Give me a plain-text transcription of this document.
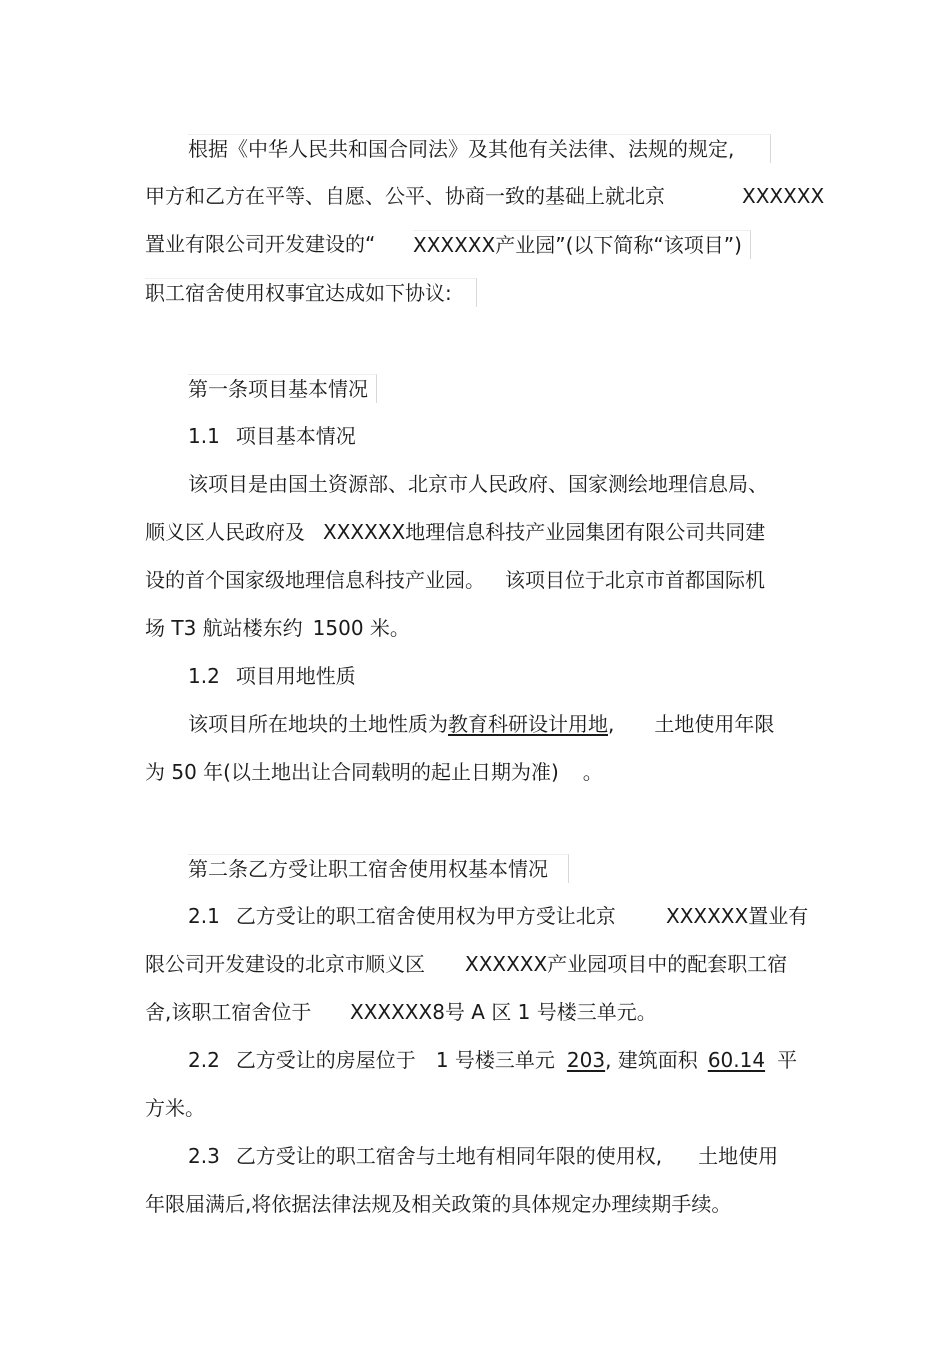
根据《中华人民共和国合同法》及其他有关法律、法规的规定,
甲方和乙方在平等、自愿、公平、协商一致的基础上就北京	XXXXXX
置业有限公司开发建设的“ XXXXXX产业园”(以下简称“该项目”)
职工宿舍使用权事宜达成如下协议:
第一条项目基本情况
1.1 项目基本情况
该项目是由国土资源部、北京市人民政府、国家测绘地理信息局、
顺义区人民政府及 XXXXXX地理信息科技产业园集团有限公司共同建
设的首个国家级地理信息科技产业园。 该项目位于北京市首都国际机
场 T3 航站楼东约 1500 米。
1.2 项目用地性质
该项目所在地块的土地性质为教育科研设计用地, 土地使用年限
为 50 年(以土地出让合同载明的起止日期为准) 。
第二条乙方受让职工宿舍使用权基本情况
2.1 乙方受让的职工宿舍使用权为甲方受让北京	XXXXXX置业有
限公司开发建设的北京市顺义区 XXXXXX产业园项目中的配套职工宿
舍,该职工宿舍位于 XXXXXX8号 A 区 1 号楼三单元。
2.2 乙方受让的房屋位于 1 号楼三单元 203, 建筑面积 60.14 平
方米。
2.3 乙方受让的职工宿舍与土地有相同年限的使用权, 土地使用
年限届满后,将依据法律法规及相关政策的具体规定办理续期手续。
